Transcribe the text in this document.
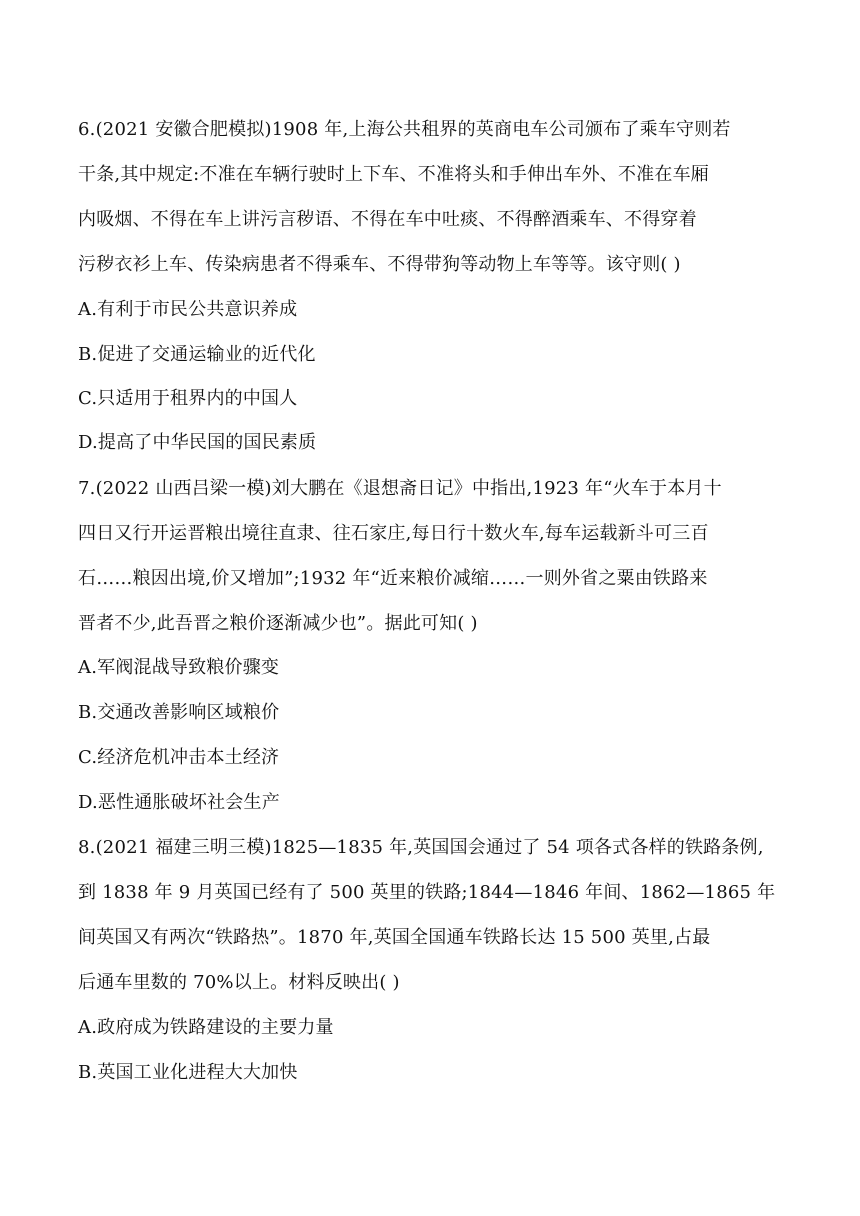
6.(2021 安徽合肥模拟)1908 年,上海公共租界的英商电车公司颁布了乘车守则若
干条,其中规定:不准在车辆行驶时上下车、不准将头和手伸出车外、不准在车厢
内吸烟、不得在车上讲污言秽语、不得在车中吐痰、不得醉酒乘车、不得穿着
污秽衣衫上车、传染病患者不得乘车、不得带狗等动物上车等等。该守则( )
A.有利于市民公共意识养成
B.促进了交通运输业的近代化
C.只适用于租界内的中国人
D.提高了中华民国的国民素质
7.(2022 山西吕梁一模)刘大鹏在《退想斋日记》中指出,1923 年“火车于本月十
四日又行开运晋粮出境往直隶、往石家庄,每日行十数火车,每车运载新斗可三百
石……粮因出境,价又增加”;1932 年“近来粮价减缩……一则外省之粟由铁路来
晋者不少,此吾晋之粮价逐渐减少也”。据此可知( )
A.军阀混战导致粮价骤变
B.交通改善影响区域粮价
C.经济危机冲击本土经济
D.恶性通胀破坏社会生产
8.(2021 福建三明三模)1825—1835 年,英国国会通过了 54 项各式各样的铁路条例,
到 1838 年 9 月英国已经有了 500 英里的铁路;1844—1846 年间、1862—1865 年
间英国又有两次“铁路热”。1870 年,英国全国通车铁路长达 15 500 英里,占最
后通车里数的 70%以上。材料反映出( )
A.政府成为铁路建设的主要力量
B.英国工业化进程大大加快
